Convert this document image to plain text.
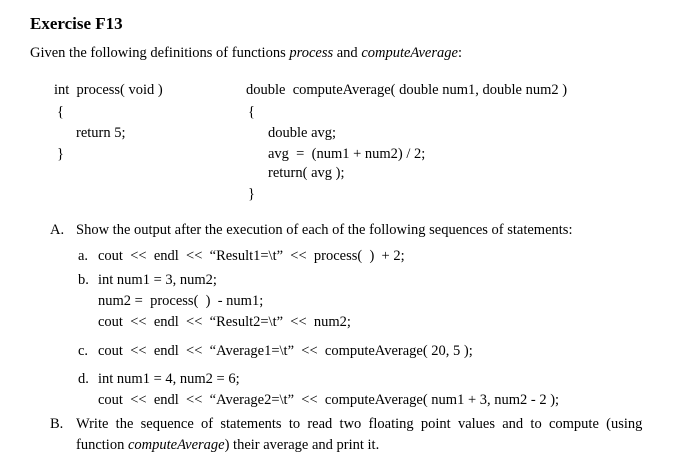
Exercise F13
Given the following definitions of functions process and computeAverage:
int  process( void )
{
return 5;
}
double  computeAverage( double num1, double num2 )
{
double avg;
avg  =  (num1 + num2) / 2;
return( avg );
}
A. Show the output after the execution of each of the following sequences of statements:
a. cout  <<  endl  <<  “Result1=\t”  <<  process(  )  + 2;
b. int num1 = 3, num2;
num2 =  process(  )  - num1;
cout  <<  endl  <<  “Result2=\t”  <<  num2;
c. cout  <<  endl  <<  “Average1=\t”  <<  computeAverage( 20, 5 );
d. int num1 = 4, num2 = 6;
cout  <<  endl  <<  “Average2=\t”  <<  computeAverage( num1 + 3, num2 - 2 );
B. Write  the  sequence  of  statements  to  read  two  floating  point  values  and  to  compute  (using
function computeAverage) their average and print it.
